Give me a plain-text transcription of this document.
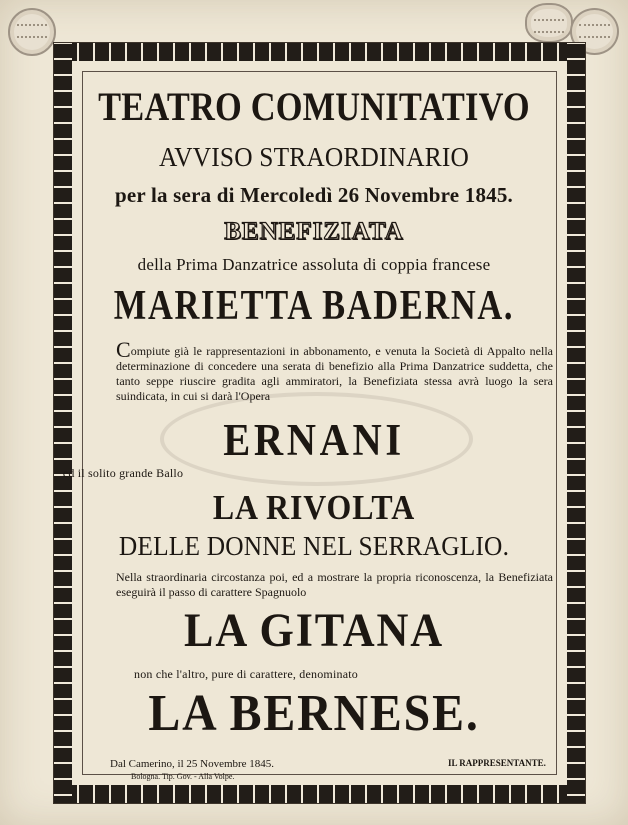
TEATRO COMUNITATIVO
AVVISO STRAORDINARIO
per la sera di Mercoledì 26 Novembre 1845.
BENEFIZIATA
della Prima Danzatrice assoluta di coppia francese
MARIETTA BADERNA.
Compiute già le rappresentazioni in abbonamento, e venuta la Società di Appalto nella determinazione di concedere una serata di benefizio alla Prima Danzatrice suddetta, che tanto seppe riuscire gradita agli ammiratori, la Benefiziata stessa avrà luogo la sera suindicata, in cui si darà l'Opera
ERNANI
ed il solito grande Ballo
LA RIVOLTA
DELLE DONNE NEL SERRAGLIO.
Nella straordinaria circostanza poi, ed a mostrare la propria riconoscenza, la Benefiziata eseguirà il passo di carattere Spagnuolo
LA GITANA
non che l'altro, pure di carattere, denominato
LA BERNESE.
Dal Camerino, il 25 Novembre 1845.	IL RAPPRESENTANTE.
Bologna. Tip. Gov. - Alla Volpe.
